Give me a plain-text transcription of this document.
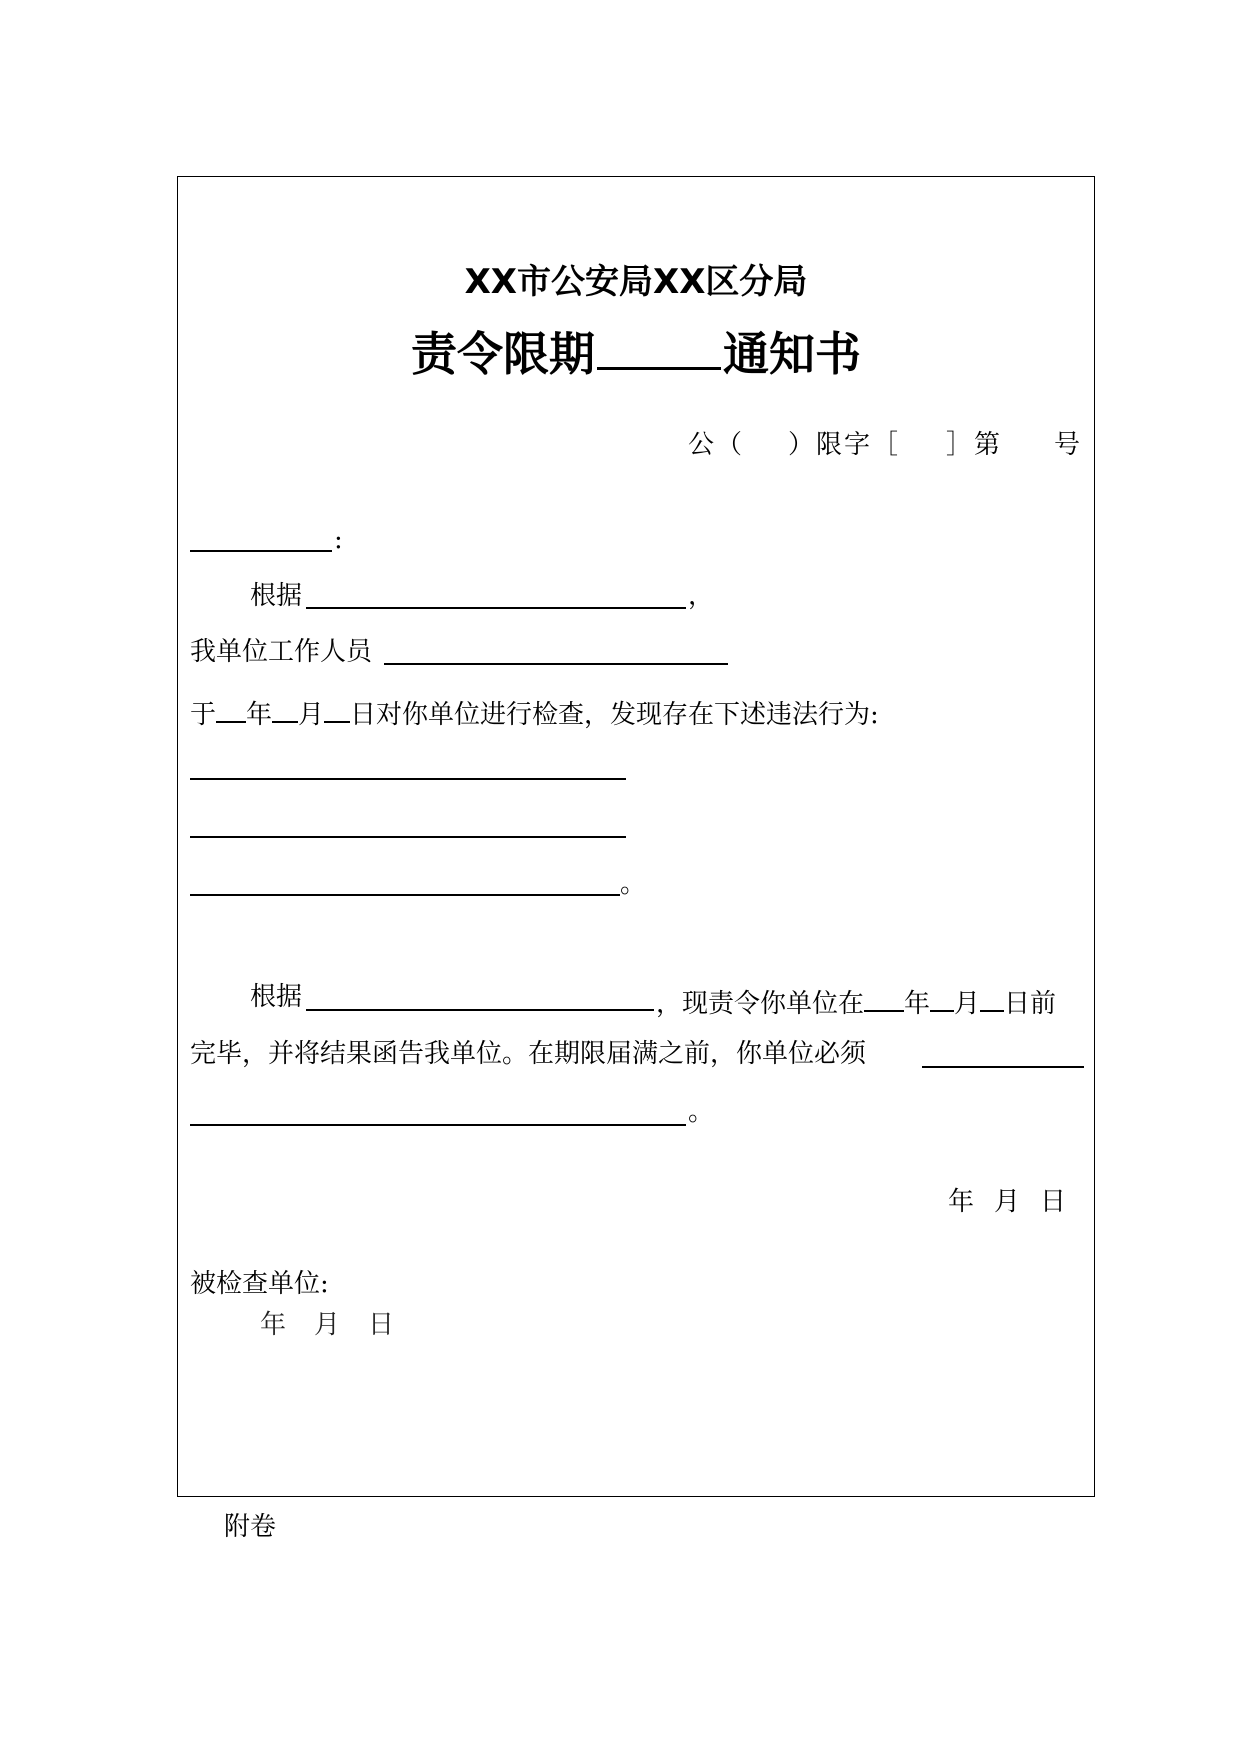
XX市公安局XX区分局
责令限期	通知书
公（ ）限字［ ］第 号
:
根据	，
我单位工作人员
于 年 月 日对你单位进行检查，发现存在下述违法行为:
。
根据	，现责令你单位在 年 月 日前
完毕，并将结果函告我单位。在期限届满之前，你单位必须
。
年 月 日
被检查单位:
年 月 日
附卷
